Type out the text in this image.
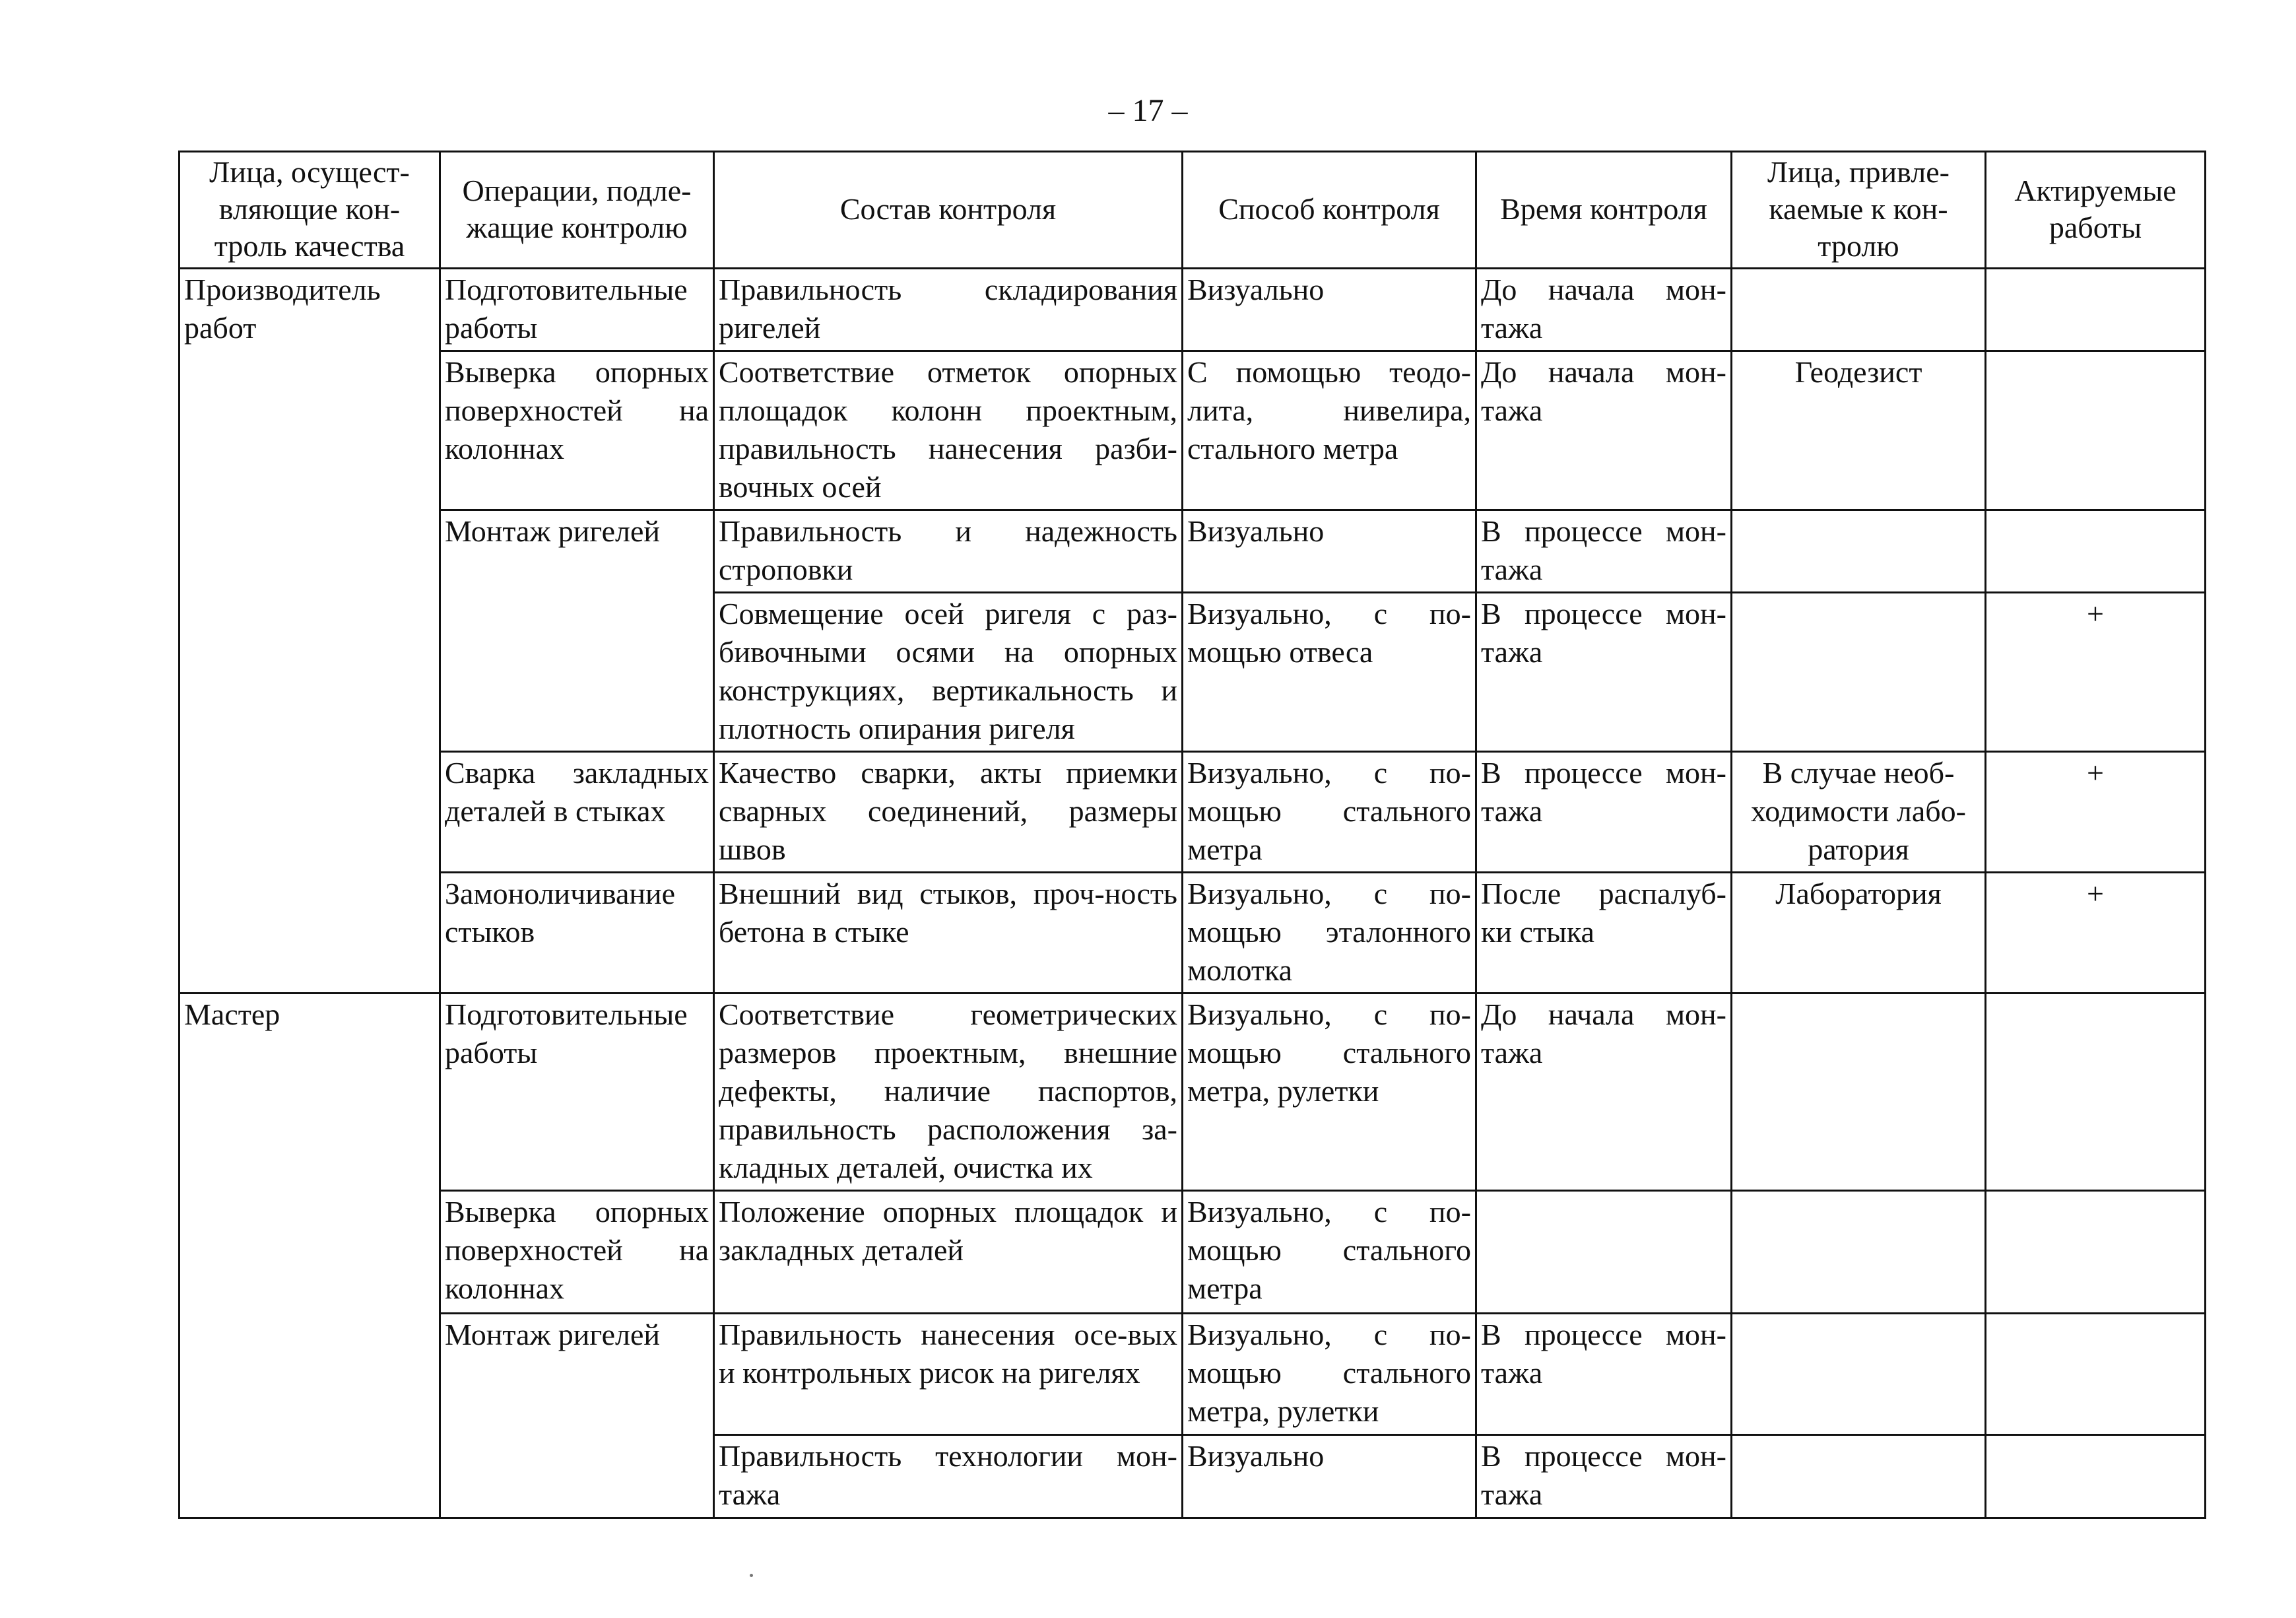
– 17 –
Лица, осущест-вляющие кон-троль качества	Операции, подле-жащие контролю	Состав контроля	Способ контроля	Время контроля	Лица, привле-каемые к кон-тролю	Актируемые работы
Производитель работ	Подготовительные работы	Правильность складирования ригелей	Визуально	До начала мон-тажа		
	Выверка опорных поверхностей на колоннах	Соответствие отметок опорных площадок колонн проектным, правильность нанесения разби-вочных осей	С помощью теодо-лита, нивелира, стального метра	До начала мон-тажа	Геодезист	
	Монтаж ригелей	Правильность и надежность строповки	Визуально	В процессе мон-тажа		
		Совмещение осей ригеля с раз-бивочными осями на опорных конструкциях, вертикальность и плотность опирания ригеля	Визуально, с по-мощью отвеса	В процессе мон-тажа		+
	Сварка закладных деталей в стыках	Качество сварки, акты приемки сварных соединений, размеры швов	Визуально, с по-мощью стального метра	В процессе мон-тажа	В случае необ-ходимости лабо-ратория	+
	Замоноличивание стыков	Внешний вид стыков, проч-ность бетона в стыке	Визуально, с по-мощью эталонного молотка	После распалуб-ки стыка	Лаборатория	+
Мастер	Подготовительные работы	Соответствие геометрических размеров проектным, внешние дефекты, наличие паспортов, правильность расположения за-кладных деталей, очистка их	Визуально, с по-мощью стального метра, рулетки	До начала мон-тажа		
	Выверка опорных поверхностей на колоннах	Положение опорных площадок и закладных деталей	Визуально, с по-мощью стального метра			
	Монтаж ригелей	Правильность нанесения осе-вых и контрольных рисок на ригелях	Визуально, с по-мощью стального метра, рулетки	В процессе мон-тажа		
		Правильность технологии мон-тажа	Визуально	В процессе мон-тажа		
